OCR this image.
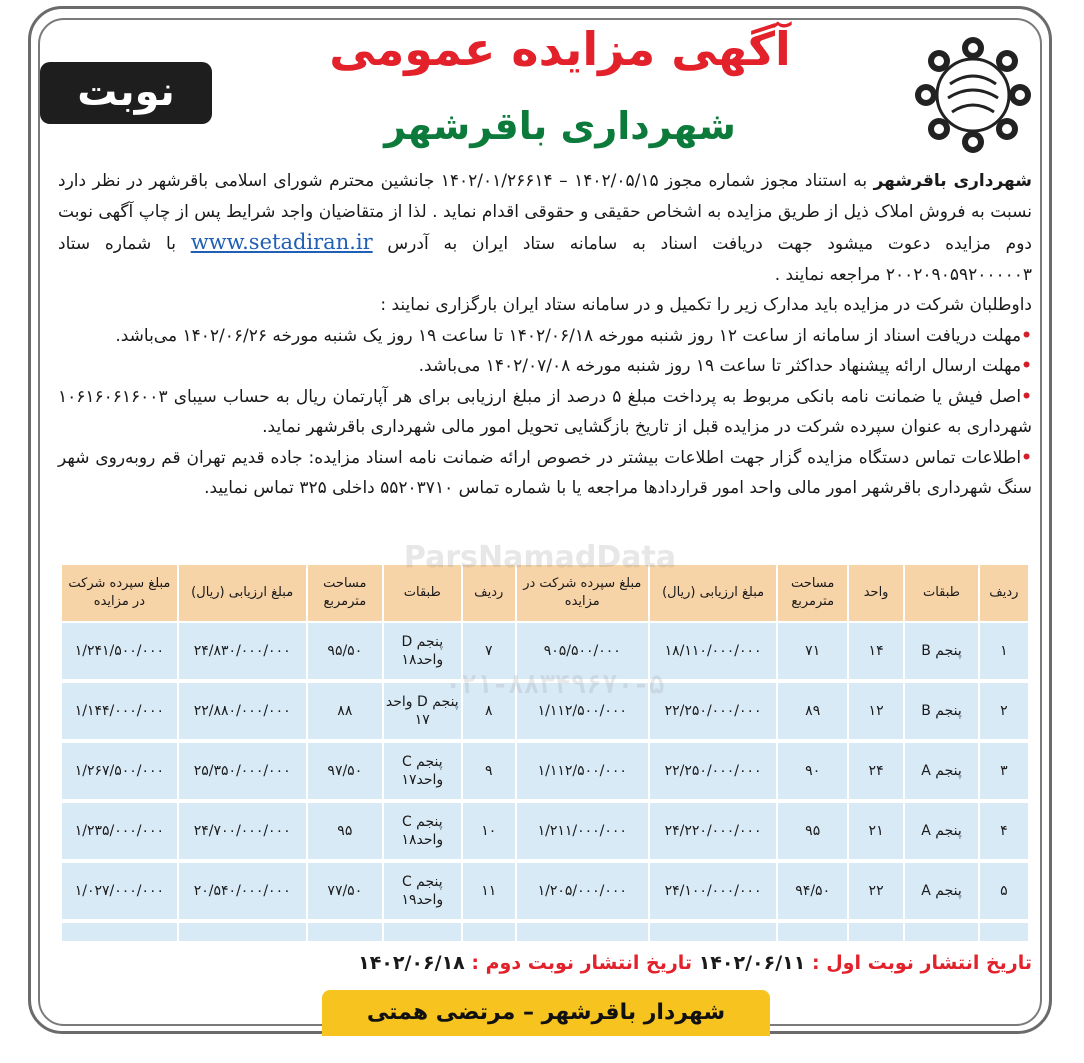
نوبت اول
آگهی مزایده عمومی
شهرداری باقرشهر

شهرداری باقرشهر به استناد مجوز شماره مجوز ۱۴۰۲/۰۵/۱۵ – ۱۴۰۲/۰۱/۲۶۶۱۴ جانشین محترم شورای اسلامی باقرشهر در نظر دارد نسبت به فروش املاک ذیل از طریق مزایده به اشخاص حقیقی و حقوقی اقدام نماید . لذا از متقاضیان واجد شرایط پس از چاپ آگهی نوبت دوم مزایده دعوت میشود جهت دریافت اسناد به سامانه ستاد ایران به آدرس www.setadiran.ir با شماره ستاد ۲۰۰۲۰۹۰۵۹۲۰۰۰۰۰۳ مراجعه نمایند .

داوطلبان شرکت در مزایده باید مدارک زیر را تکمیل و در سامانه ستاد ایران بارگزاری نمایند :

•مهلت دریافت اسناد از سامانه از ساعت ۱۲ روز شنبه مورخه ۱۴۰۲/۰۶/۱۸ تا ساعت ۱۹ روز یک شنبه مورخه ۱۴۰۲/۰۶/۲۶ می‌باشد.

•مهلت ارسال ارائه پیشنهاد حداکثر تا ساعت ۱۹ روز شنبه مورخه ۱۴۰۲/۰۷/۰۸ می‌باشد.

•اصل فیش یا ضمانت نامه بانکی مربوط به پرداخت مبلغ ۵ درصد از مبلغ ارزیابی برای هر آپارتمان ریال به حساب سیبای ۱۰۶۱۶۰۶۱۶۰۰۳ شهرداری به عنوان سپرده شرکت در مزایده قبل از تاریخ بازگشایی تحویل امور مالی شهرداری باقرشهر نماید.

•اطلاعات تماس دستگاه مزایده گزار جهت اطلاعات بیشتر در خصوص ارائه ضمانت نامه اسناد مزایده: جاده قدیم تهران قم روبه‌روی شهر سنگ شهرداری باقرشهر امور مالی واحد امور قراردادها مراجعه یا با شماره تماس ۵۵۲۰۳۷۱۰ داخلی ۳۲۵ تماس نمایید.

ردیف	طبقات	واحد	مساحت مترمربع	مبلغ ارزیابی (ریال)	مبلغ سپرده شرکت در مزایده	ردیف	طبقات	مساحت مترمربع	مبلغ ارزیابی (ریال)	مبلغ سپرده شرکت در مزایده
۱	پنجم B	۱۴	۷۱	۱۸/۱۱۰/۰۰۰/۰۰۰	۹۰۵/۵۰۰/۰۰۰	۷	پنجم D واحد۱۸	۹۵/۵۰	۲۴/۸۳۰/۰۰۰/۰۰۰	۱/۲۴۱/۵۰۰/۰۰۰
۲	پنجم B	۱۲	۸۹	۲۲/۲۵۰/۰۰۰/۰۰۰	۱/۱۱۲/۵۰۰/۰۰۰	۸	پنجم D واحد ۱۷	۸۸	۲۲/۸۸۰/۰۰۰/۰۰۰	۱/۱۴۴/۰۰۰/۰۰۰
۳	پنجم A	۲۴	۹۰	۲۲/۲۵۰/۰۰۰/۰۰۰	۱/۱۱۲/۵۰۰/۰۰۰	۹	پنجم C واحد۱۷	۹۷/۵۰	۲۵/۳۵۰/۰۰۰/۰۰۰	۱/۲۶۷/۵۰۰/۰۰۰
۴	پنجم A	۲۱	۹۵	۲۴/۲۲۰/۰۰۰/۰۰۰	۱/۲۱۱/۰۰۰/۰۰۰	۱۰	پنجم C واحد۱۸	۹۵	۲۴/۷۰۰/۰۰۰/۰۰۰	۱/۲۳۵/۰۰۰/۰۰۰
۵	پنجم A	۲۲	۹۴/۵۰	۲۴/۱۰۰/۰۰۰/۰۰۰	۱/۲۰۵/۰۰۰/۰۰۰	۱۱	پنجم C واحد۱۹	۷۷/۵۰	۲۰/۵۴۰/۰۰۰/۰۰۰	۱/۰۲۷/۰۰۰/۰۰۰

تاریخ انتشار نوبت اول : ۱۴۰۲/۰۶/۱۱ تاریخ انتشار نوبت دوم : ۱۴۰۲/۰۶/۱۸
شهردار باقرشهر – مرتضی همتی
